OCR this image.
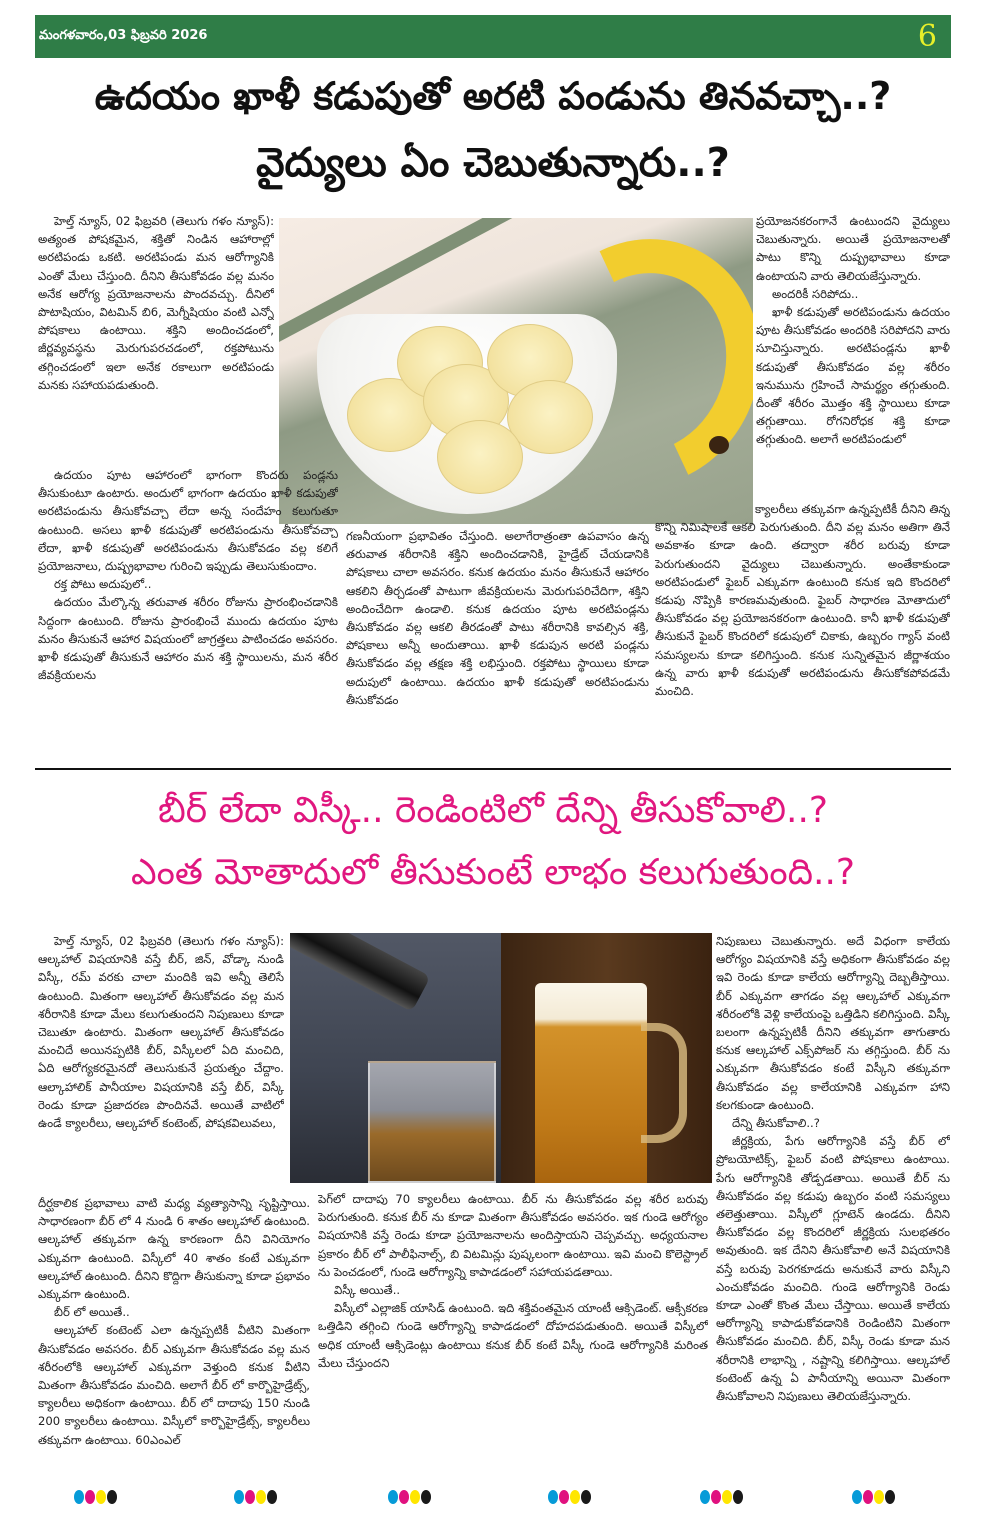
మంగళవారం,03 ఫిబ్రవరి 2026	6
ఉదయం ఖాళీ కడుపుతో అరటి పండును తినవచ్చా..?
వైద్యులు ఏం చెబుతున్నారు..?

హెల్త్ న్యూస్, 02 ఫిబ్రవరి (తెలుగు గళం న్యూస్): అత్యంత పోషకమైన, శక్తితో నిండిన ఆహారాల్లో అరటిపండు ఒకటి. అరటిపండు మన ఆరోగ్యానికి ఎంతో మేలు చేస్తుంది. దీనిని తీసుకోవడం వల్ల మనం అనేక ఆరోగ్య ప్రయోజనాలను పొందవచ్చు. దీనిలో పొటాషియం, విటమిన్ బి6, మెగ్నీషియం వంటి ఎన్నో పోషకాలు ఉంటాయి. శక్తిని అందించడంలో, జీర్ణవ్యవస్థను మెరుగుపరచడంలో, రక్తపోటును తగ్గించడంలో ఇలా అనేక రకాలుగా అరటిపండు మనకు సహాయపడుతుంది.

ఉదయం పూట ఆహారంలో భాగంగా కొందరు పండ్లను తీసుకుంటూ ఉంటారు. అందులో భాగంగా ఉదయం ఖాళీ కడుపుతో అరటిపండును తీసుకోవచ్చా లేదా అన్న సందేహం కలుగుతూ ఉంటుంది. అసలు ఖాళీ కడుపుతో అరటిపండును తీసుకోవచ్చా లేదా, ఖాళీ కడుపుతో అరటిపండును తీసుకోవడం వల్ల కలిగే ప్రయోజనాలు, దుష్ప్రభావాల గురించి ఇప్పుడు తెలుసుకుందాం.

రక్త పోటు అదుపులో..

ఉదయం మేల్కొన్న తరువాత శరీరం రోజును ప్రారంభించడానికి సిద్దంగా ఉంటుంది. రోజును ప్రారంభించే ముందు ఉదయం పూట మనం తీసుకునే ఆహార విషయంలో జాగ్రత్తలు పాటించడం అవసరం. ఖాళీ కడుపుతో తీసుకునే ఆహారం మన శక్తి స్థాయిలను, మన శరీర జీవక్రియలను

గణనీయంగా ప్రభావితం చేస్తుంది. అలాగేరాత్రంతా ఉపవాసం ఉన్న తరువాత శరీరానికి శక్తిని అందించడానికి, హైడ్రేట్ చేయడానికి పోషకాలు చాలా అవసరం. కనుక ఉదయం మనం తీసుకునే ఆహారం ఆకలిని తీర్చడంతో పాటుగా జీవక్రియలను మెరుగుపరిచేదిగా, శక్తిని అందించేదిగా ఉండాలి. కనుక ఉదయం పూట అరటిపండ్లను తీసుకోవడం వల్ల ఆకలి తీరడంతో పాటు శరీరానికి కావల్సిన శక్తి, పోషకాలు అన్నీ అందుతాయి. ఖాళీ కడుపున అరటి పండ్లను తీసుకోవడం వల్ల తక్షణ శక్తి లభిస్తుంది. రక్తపోటు స్థాయిలు కూడా అదుపులో ఉంటాయి. ఉదయం ఖాళీ కడుపుతో అరటిపండును తీసుకోవడం

ప్రయోజనకరంగానే ఉంటుందని వైద్యులు చెబుతున్నారు. అయితే ప్రయోజనాలతో పాటు కొన్ని దుష్ప్రభావాలు కూడా ఉంటాయని వారు తెలియజేస్తున్నారు.

అందరికీ సరిపోదు..

ఖాళీ కడుపుతో అరటిపండును ఉదయం పూట తీసుకోవడం అందరికి సరిపోదని వారు సూచిస్తున్నారు. అరటిపండ్లను ఖాళీ కడుపుతో తీసుకోవడం వల్ల శరీరం ఇనుమును గ్రహించే సామర్థ్యం తగ్గుతుంది. దీంతో శరీరం మొత్తం శక్తి స్థాయిలు కూడా తగ్గుతాయి. రోగనిరోధక శక్తి కూడా తగ్గుతుంది. అలాగే అరటిపండులో

క్యాలరీలు తక్కువగా ఉన్నప్పటికీ దీనిని తిన్న కొన్ని నిమిషాలకే ఆకలి పెరుగుతుంది. దీని వల్ల మనం అతిగా తినే అవకాశం కూడా ఉంది. తద్వారా శరీర బరువు కూడా పెరుగుతుందని వైద్యులు చెబుతున్నారు. అంతేకాకుండా అరటిపండులో ఫైబర్ ఎక్కువగా ఉంటుంది కనుక ఇది కొందరిలో కడుపు నొప్పికి కారణమవుతుంది. ఫైబర్ సాధారణ మోతాదులో తీసుకోవడం వల్ల ప్రయోజనకరంగా ఉంటుంది. కానీ ఖాళీ కడుపుతో తీసుకునే ఫైబర్ కొందరిలో కడుపులో చికాకు, ఉబ్బరం గ్యాస్ వంటి సమస్యలను కూడా కలిగిస్తుంది. కనుక సున్నితమైన జీర్ణాశయం ఉన్న వారు ఖాళీ కడుపుతో అరటిపండును తీసుకోకపోవడమే మంచిది.

బీర్ లేదా విస్కీ.. రెండింటిలో దేన్ని తీసుకోవాలి..?
ఎంత మోతాదులో తీసుకుంటే లాభం కలుగుతుంది..?

హెల్త్ న్యూస్, 02 ఫిబ్రవరి (తెలుగు గళం న్యూస్): ఆల్కహాల్ విషయానికి వస్తే బీర్, జిన్, వోడ్కా నుండి విస్కీ, రమ్ వరకు చాలా మందికి ఇవి అన్నీ తెలిసే ఉంటుంది. మితంగా ఆల్కహాల్ తీసుకోవడం వల్ల మన శరీరానికి కూడా మేలు కలుగుతుందని నిపుణులు కూడా చెబుతూ ఉంటారు. మితంగా ఆల్కహాల్ తీసుకోవడం మంచిదే అయినప్పటికి బీర్, విస్కీలలో ఏది మంచిది, ఏది ఆరోగ్యకరమైనదో తెలుసుకునే ప్రయత్నం చేద్దాం. ఆల్కాహాలిక్ పానీయాల విషయానికి వస్తే బీర్, విస్కీ రెండు కూడా ప్రజాదరణ పొందినవే. అయితే వాటిలో ఉండే క్యాలరీలు, ఆల్కహాల్ కంటెంట్, పోషకవిలువలు,

దీర్ఘకాలిక ప్రభావాలు వాటి మధ్య వ్యత్యాసాన్ని సృష్టిస్తాయి. సాధారణంగా బీర్ లో 4 నుండి 6 శాతం ఆల్కహాల్ ఉంటుంది. ఆల్కహాల్ తక్కువగా ఉన్న కారణంగా దీని వినియోగం ఎక్కువగా ఉంటుంది. విస్కీలో 40 శాతం కంటే ఎక్కువగా ఆల్కహాల్ ఉంటుంది. దీనిని కొద్దిగా తీసుకున్నా కూడా ప్రభావం ఎక్కువగా ఉంటుంది.

బీర్ లో అయితే..

ఆల్కహాల్ కంటెంట్ ఎలా ఉన్నప్పటికీ వీటిని మితంగా తీసుకోవడం అవసరం. బీర్ ఎక్కువగా తీసుకోవడం వల్ల మన శరీరంలోకి ఆల్కహాల్ ఎక్కువగా వెళ్తుంది కనుక వీటిని మితంగా తీసుకోవడం మంచిది. అలాగే బీర్ లో కార్బొహైడ్రేట్స్, క్యాలరీలు అధికంగా ఉంటాయి. బీర్ లో దాదాపు 150 నుండి 200 క్యాలరీలు ఉంటాయి. విస్కీలో కార్బొహైడ్రేట్స్, క్యాలరీలు తక్కువగా ఉంటాయి. 60ఎంఎల్

పెగ్‌లో దాదాపు 70 క్యాలరీలు ఉంటాయి. బీర్ ను తీసుకోవడం వల్ల శరీర బరువు పెరుగుతుంది. కనుక బీర్ ను కూడా మితంగా తీసుకోవడం అవసరం. ఇక గుండె ఆరోగ్యం విషయానికి వస్తే రెండు కూడా ప్రయోజనాలను అందిస్తాయని చెప్పవచ్చు. అధ్యయనాల ప్రకారం బీర్ లో పాలీఫినాల్స్, బి విటమిన్లు పుష్కలంగా ఉంటాయి. ఇవి మంచి కొలెస్ట్రాల్ ను పెంచడంలో, గుండె ఆరోగ్యాన్ని కాపాడడంలో సహాయపడతాయి.

విస్కీ అయితే..

విస్కీలో ఎల్లాజిక్ యాసిడ్ ఉంటుంది. ఇది శక్తివంతమైన యాంటీ ఆక్సిడెంట్. ఆక్సీకరణ ఒత్తిడిని తగ్గించి గుండె ఆరోగ్యాన్ని కాపాడడంలో దోహదపడుతుంది. అయితే విస్కీలో అధిక యాంటీ ఆక్సిడెంట్లు ఉంటాయి కనుక బీర్ కంటే విస్కీ గుండె ఆరోగ్యానికి మరింత మేలు చేస్తుందని

నిపుణులు చెబుతున్నారు. అదే విధంగా కాలేయ ఆరోగ్యం విషయానికి వస్తే అధికంగా తీసుకోవడం వల్ల ఇవి రెండు కూడా కాలేయ ఆరోగ్యాన్ని దెబ్బతీస్తాయి. బీర్ ఎక్కువగా తాగడం వల్ల ఆల్కహాల్ ఎక్కువగా శరీరంలోకి వెళ్లి కాలేయంపై ఒత్తిడిని కలిగిస్తుంది. విస్కీ బలంగా ఉన్నప్పటికీ దీనిని తక్కువగా తాగుతారు కనుక ఆల్కహాల్ ఎక్స్‌పోజర్ ను తగ్గిస్తుంది. బీర్ ను ఎక్కువగా తీసుకోవడం కంటే విస్కీని తక్కువగా తీసుకోవడం వల్ల కాలేయానికి ఎక్కువగా హాని కలగకుండా ఉంటుంది.

దేన్ని తీసుకోవాలి..?

జీర్ణక్రియ, పేగు ఆరోగ్యానికి వస్తే బీర్ లో ప్రోబయోటిక్స్, ఫైబర్ వంటి పోషకాలు ఉంటాయి. పేగు ఆరోగ్యానికి తోడ్పడతాయి. అయితే బీర్ ను తీసుకోవడం వల్ల కడుపు ఉబ్బరం వంటి సమస్యలు తలెత్తుతాయి. విస్కీలో గ్లూటెన్ ఉండదు. దీనిని తీసుకోవడం వల్ల కొందరిలో జీర్ణక్రియ సులభతరం అవుతుంది. ఇక దేనిని తీసుకోవాలి అనే విషయానికి వస్తే బరువు పెరగకూడదు అనుకునే వారు విస్కీని ఎంచుకోవడం మంచిది. గుండె ఆరోగ్యానికి రెండు కూడా ఎంతో కొంత మేలు చేస్తాయి. అయితే కాలేయ ఆరోగ్యాన్ని కాపాడుకోవడానికి రెండింటిని మితంగా తీసుకోవడం మంచిది. బీర్, విస్కీ రెండు కూడా మన శరీరానికి లాభాన్ని , నష్టాన్ని కలిగిస్తాయి. ఆల్కహాల్ కంటెంట్ ఉన్న ఏ పానీయాన్ని అయినా మితంగా తీసుకోవాలని నిపుణులు తెలియజేస్తున్నారు.
